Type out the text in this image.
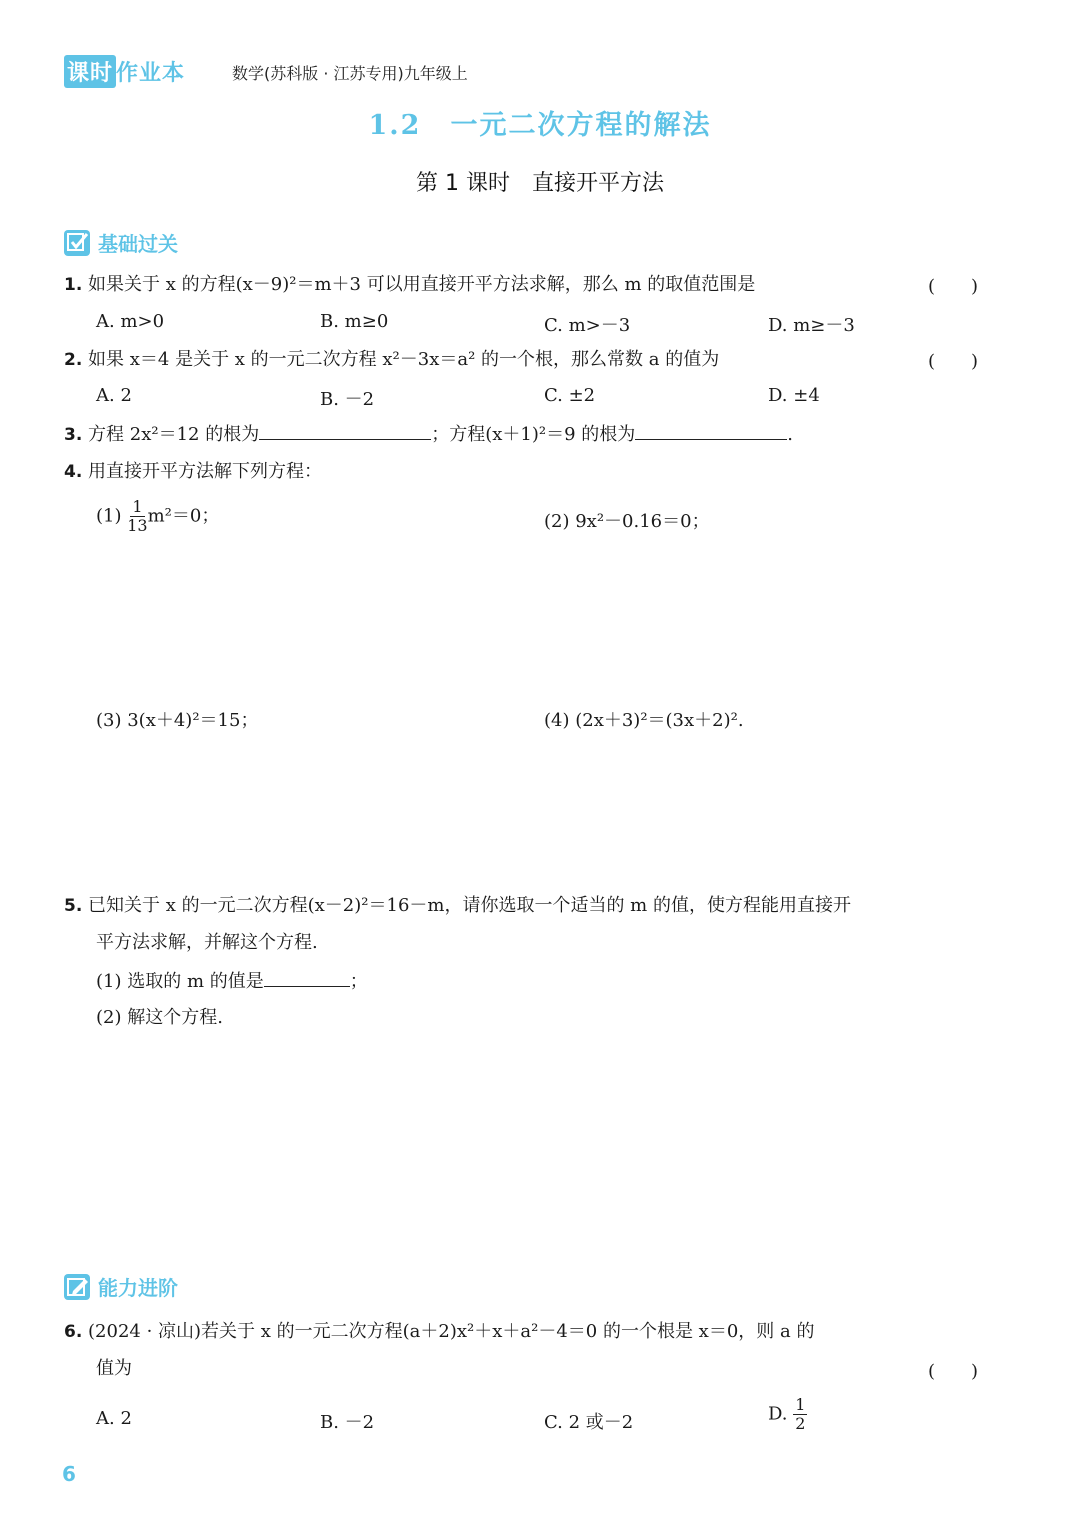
课时 作业本	数学(苏科版 · 江苏专用)九年级上
1.2　一元二次方程的解法
第 1 课时　直接开平方法
基础过关
1. 如果关于 x 的方程(x－9)²＝m＋3 可以用直接开平方法求解，那么 m 的取值范围是	(　　)
A. m>0	B. m≥0	C. m>－3	D. m≥－3
2. 如果 x＝4 是关于 x 的一元二次方程 x²－3x＝a² 的一个根，那么常数 a 的值为	(　　)
A. 2	B. －2	C. ±2	D. ±4
3. 方程 2x²＝12 的根为	；方程(x＋1)²＝9 的根为	.
4. 用直接开平方法解下列方程：
$(1) \frac{1}{13} m^2=0$；	(2) 9x²－0.16＝0；
(3) 3(x＋4)²＝15；	(4) (2x＋3)²＝(3x＋2)².
5. 已知关于 x 的一元二次方程(x－2)²＝16－m，请你选取一个适当的 m 的值，使方程能用直接开
平方法求解，并解这个方程.
(1) 选取的 m 的值是	；
(2) 解这个方程.
能力进阶
6. (2024 · 凉山)若关于 x 的一元二次方程(a＋2)x²＋x＋a²－4＝0 的一个根是 x＝0，则 a 的
值为	(　　)
A. 2	B. －2	C. 2 或－2	D. $\frac{1}{2}$
6
